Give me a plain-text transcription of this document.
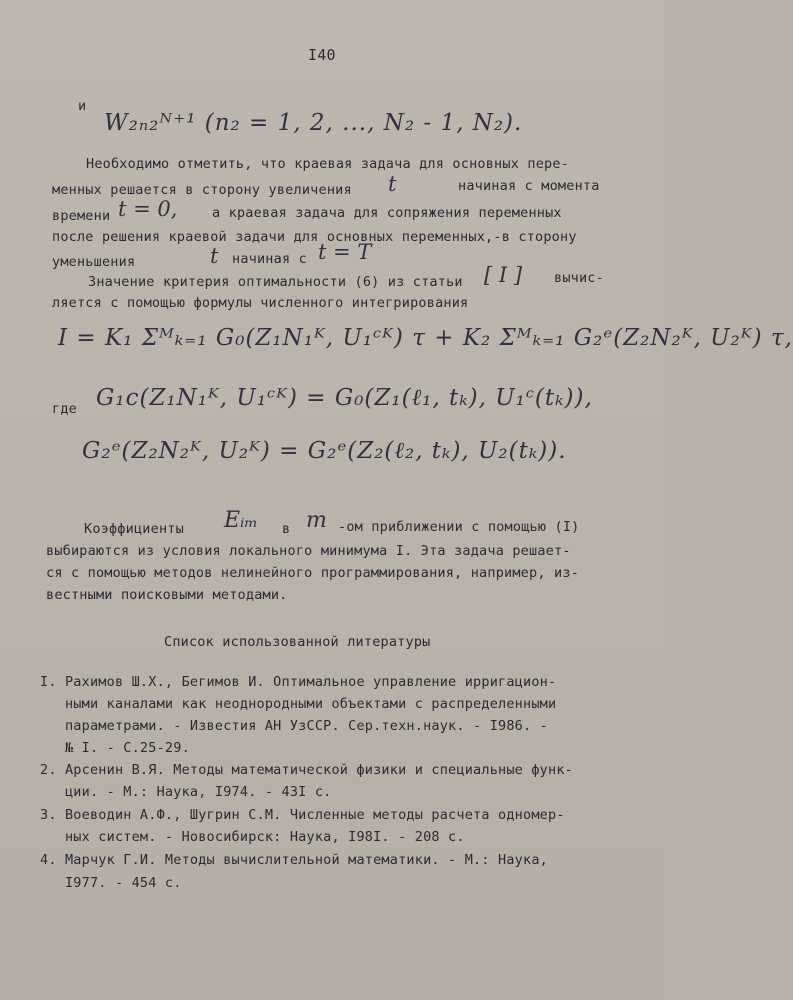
I40
и
W₂ₙ₂ᴺ⁺¹ (n₂ = 1, 2, ..., N₂ - 1, N₂).
Необходимо отметить, что краевая задача для основных пере-
менных решается в сторону увеличения t	начиная с момента
времени t = 0,	а краевая задача для сопряжения переменных
после решения краевой задачи для основных переменных,-в сторону
уменьшения	t начиная с t = T
Значение критерия оптимальности (6) из статьи [ I ] вычис-
ляется с помощью формулы численного интегрирования
I = K₁ Σᴹₖ₌₁ G₀(Z₁N₁ᴷ, U₁ᶜᴷ) τ + K₂ Σᴹₖ₌₁ G₂ᵉ(Z₂N₂ᴷ, U₂ᴷ) τ,
где G₁c(Z₁N₁ᴷ, U₁ᶜᴷ) = G₀(Z₁(ℓ₁, tₖ), U₁ᶜ(tₖ)),
G₂ᵉ(Z₂N₂ᴷ, U₂ᴷ) = G₂ᵉ(Z₂(ℓ₂, tₖ), U₂(tₖ)).
Коэффициенты Eᵢₘ в m -ом приближении с помощью (I)
выбираются из условия локального минимума I. Эта задача решает-
ся с помощью методов нелинейного программирования, например, из-
вестными поисковыми методами.
Список использованной литературы
I. Рахимов Ш.Х., Бегимов И. Оптимальное управление ирригацион-
ными каналами как неоднородными объектами с распределенными
параметрами. - Известия АН УзССР. Сер.техн.наук. - I986. -
№ I. - С.25-29.
2. Арсенин В.Я. Методы математической физики и специальные функ-
ции. - М.: Наука, I974. - 43I с.
3. Воеводин А.Ф., Шугрин С.М. Численные методы расчета одномер-
ных систем. - Новосибирск: Наука, I98I. - 208 с.
4. Марчук Г.И. Методы вычислительной математики. - М.: Наука,
I977. - 454 с.
